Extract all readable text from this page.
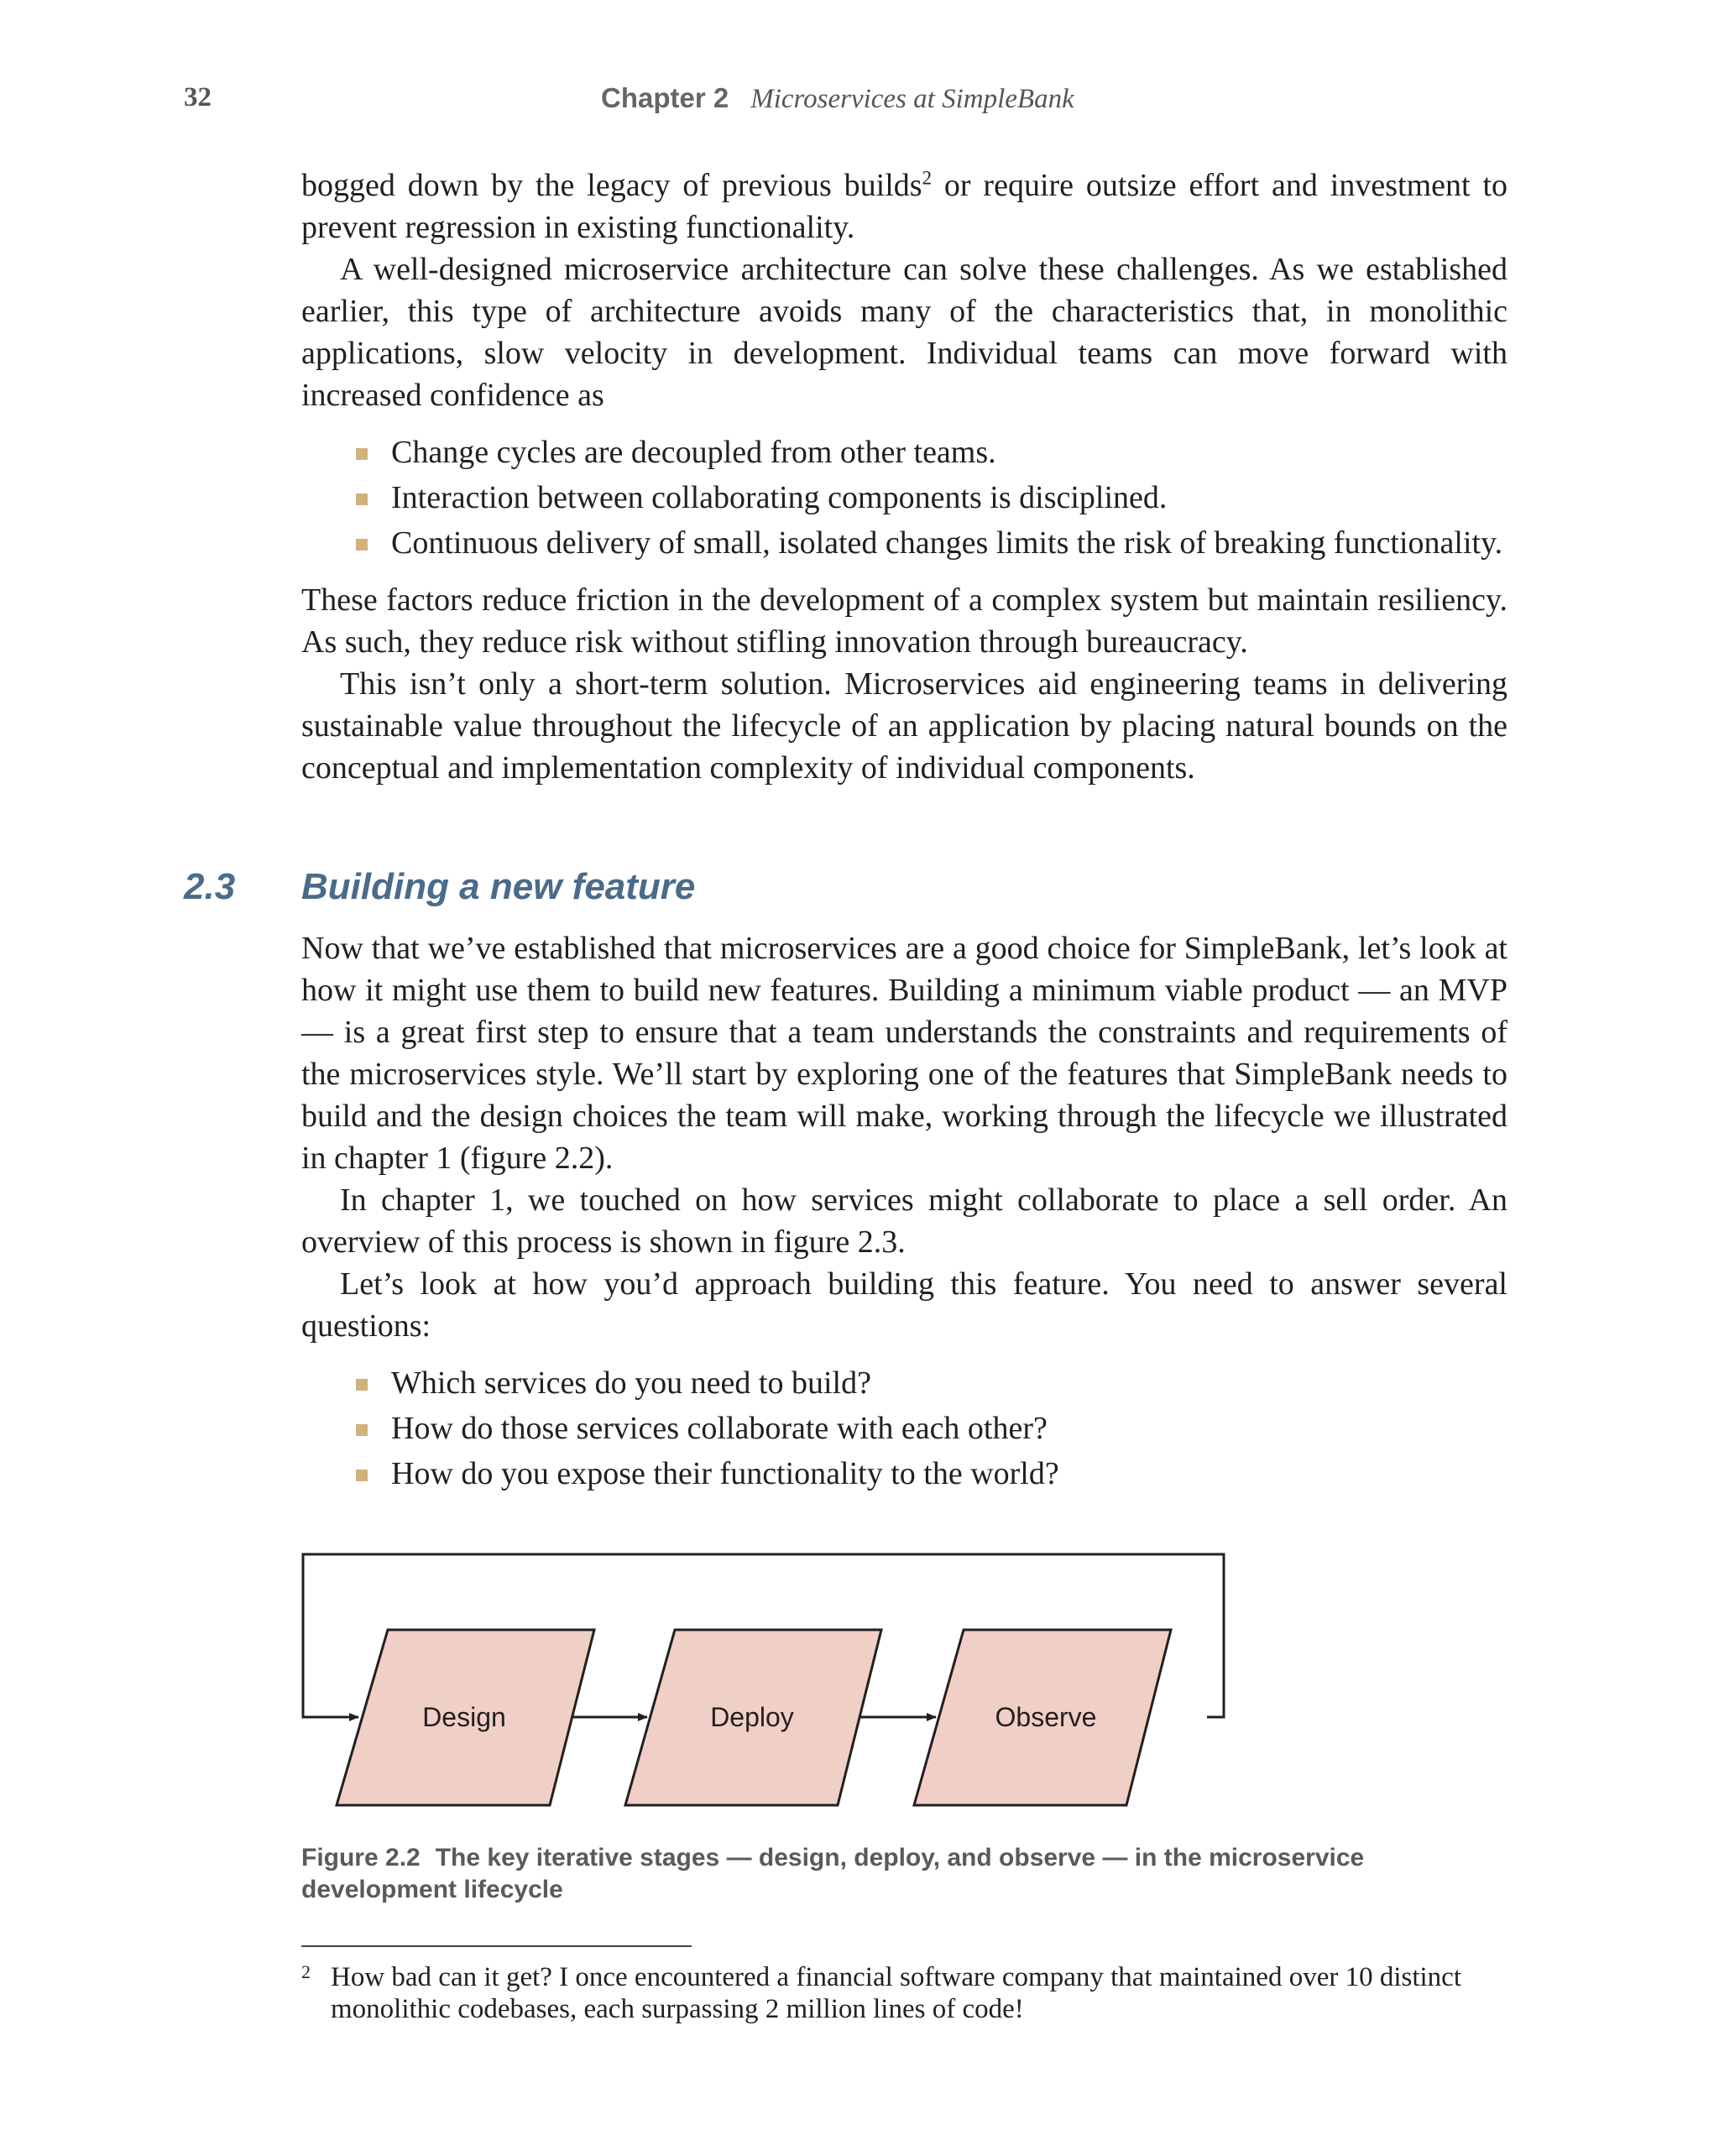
32	Chapter 2 Microservices at SimpleBank

bogged down by the legacy of previous builds$^2$ or require outsize effort and investment to prevent regression in existing functionality.

A well-designed microservice architecture can solve these challenges. As we established earlier, this type of architecture avoids many of the characteristics that, in monolithic applications, slow velocity in development. Individual teams can move forward with increased confidence as

Change cycles are decoupled from other teams.
Interaction between collaborating components is disciplined.
Continuous delivery of small, isolated changes limits the risk of breaking functionality.

These factors reduce friction in the development of a complex system but maintain resiliency. As such, they reduce risk without stifling innovation through bureaucracy.

This isn’t only a short-term solution. Microservices aid engineering teams in delivering sustainable value throughout the lifecycle of an application by placing natural bounds on the conceptual and implementation complexity of individual components.

2.3 Building a new feature

Now that we’ve established that microservices are a good choice for SimpleBank, let’s look at how it might use them to build new features. Building a minimum viable product — an MVP — is a great first step to ensure that a team understands the constraints and requirements of the microservices style. We’ll start by exploring one of the features that SimpleBank needs to build and the design choices the team will make, working through the lifecycle we illustrated in chapter 1 (figure 2.2).

In chapter 1, we touched on how services might collaborate to place a sell order. An overview of this process is shown in figure 2.3.

Let’s look at how you’d approach building this feature. You need to answer several questions:

Which services do you need to build?
How do those services collaborate with each other?
How do you expose their functionality to the world?
Design	Deploy	Observe
Figure 2.2 The key iterative stages — design, deploy, and observe — in the microservice development lifecycle
2 How bad can it get? I once encountered a financial software company that maintained over 10 distinct monolithic codebases, each surpassing 2 million lines of code!
